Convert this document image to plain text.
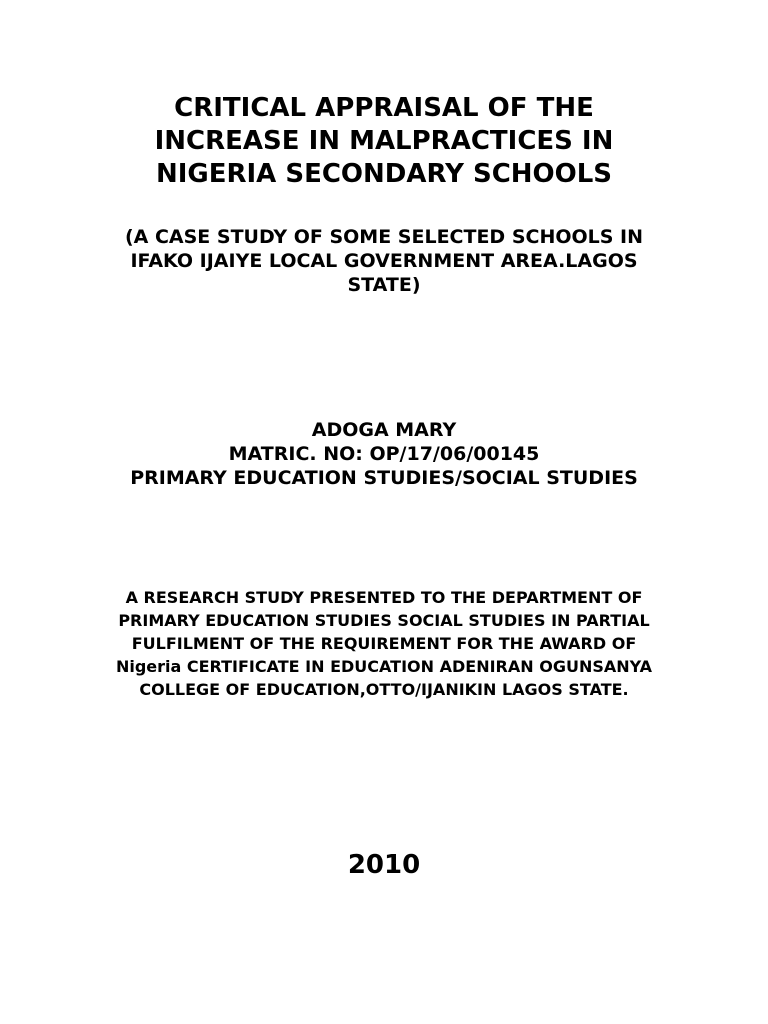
CRITICAL APPRAISAL OF THE
INCREASE IN MALPRACTICES IN
NIGERIA SECONDARY SCHOOLS
(A CASE STUDY OF SOME SELECTED SCHOOLS IN
IFAKO IJAIYE LOCAL GOVERNMENT AREA.LAGOS
STATE)
ADOGA MARY
MATRIC. NO: OP/17/06/00145
PRIMARY EDUCATION STUDIES/SOCIAL STUDIES
A RESEARCH STUDY PRESENTED TO THE DEPARTMENT OF
PRIMARY EDUCATION STUDIES SOCIAL STUDIES IN PARTIAL
FULFILMENT OF THE REQUIREMENT FOR THE AWARD OF
Nigeria CERTIFICATE IN EDUCATION ADENIRAN OGUNSANYA
COLLEGE OF EDUCATION,OTTO/IJANIKIN LAGOS STATE.
2010
